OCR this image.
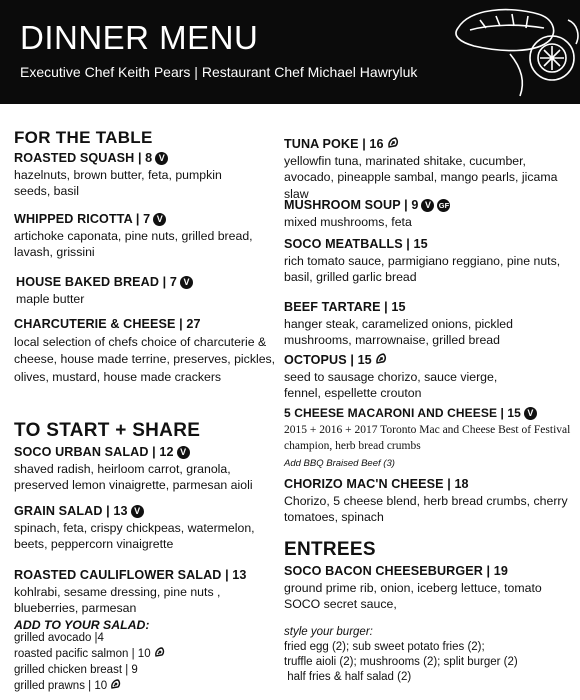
DINNER MENU
Executive Chef Keith Pears | Restaurant Chef Michael Hawryluk
FOR THE TABLE
ROASTED SQUASH | 8 V
hazelnuts, brown butter, feta, pumpkin seeds, basil
WHIPPED RICOTTA | 7 V
artichoke caponata, pine nuts, grilled bread, lavash, grissini
HOUSE BAKED BREAD | 7 V
maple butter
CHARCUTERIE & CHEESE | 27
local selection of chefs choice of charcuterie & cheese, house made terrine, preserves, pickles, olives, mustard, house made crackers
TO START + SHARE
SOCO URBAN SALAD | 12 V
shaved radish, heirloom carrot, granola, preserved lemon vinaigrette, parmesan aioli
GRAIN SALAD | 13 V
spinach, feta, crispy chickpeas, watermelon, beets, peppercorn vinaigrette
ROASTED CAULIFLOWER SALAD | 13
kohlrabi, sesame dressing, pine nuts , blueberries, parmesan
ADD TO YOUR SALAD:
grilled avocado |4
roasted pacific salmon | 10
grilled chicken breast | 9
grilled prawns | 10
TUNA POKE | 16
yellowfin tuna, marinated shitake, cucumber, avocado, pineapple sambal, mango pearls, jicama slaw
MUSHROOM SOUP | 9 V GF
mixed mushrooms, feta
SOCO MEATBALLS | 15
rich tomato sauce, parmigiano reggiano, pine nuts, basil, grilled garlic bread
BEEF TARTARE | 15
hanger steak, caramelized onions, pickled mushrooms, marrownaise, grilled bread
OCTOPUS | 15
seed to sausage chorizo, sauce vierge, fennel, espellette crouton
5 CHEESE MACARONI AND CHEESE | 15 V
2015 + 2016 + 2017 Toronto Mac and Cheese Best of Festival champion, herb bread crumbs
Add BBQ Braised Beef (3)
CHORIZO MAC'N CHEESE | 18
Chorizo, 5 cheese blend, herb bread crumbs, cherry tomatoes, spinach
ENTREES
SOCO BACON CHEESEBURGER | 19
ground prime rib, onion, iceberg lettuce, tomato SOCO secret sauce,
style your burger:
fried egg (2); sub sweet potato fries (2);
truffle aioli (2); mushrooms (2); split burger (2)
half fries & half salad (2)
